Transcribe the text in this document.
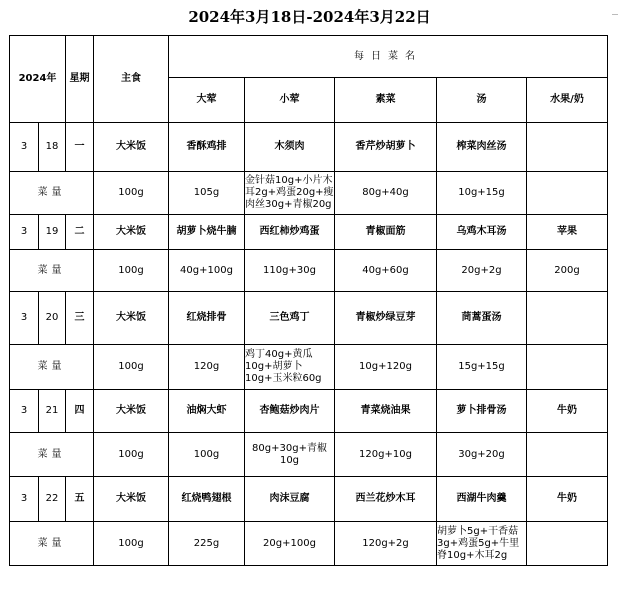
2024年3月18日-2024年3月22日
2024年		星期	主食	每日菜名				
				大荤	小荤	素菜	汤	水果/奶
3	18	一	大米饭	香酥鸡排	木须肉	香芹炒胡萝卜	榨菜肉丝汤	
菜量			100g	105g	金针菇10g+小片木耳2g+鸡蛋20g+瘦肉丝30g+青椒20g	80g+40g	10g+15g	
3	19	二	大米饭	胡萝卜烧牛腩	西红柿炒鸡蛋	青椒面筋	乌鸡木耳汤	苹果
菜量			100g	40g+100g	110g+30g	40g+60g	20g+2g	200g
3	20	三	大米饭	红烧排骨	三色鸡丁	青椒炒绿豆芽	茼蒿蛋汤	
菜量			100g	120g	鸡丁40g+黄瓜10g+胡萝卜10g+玉米粒60g	10g+120g	15g+15g	
3	21	四	大米饭	油焖大虾	杏鲍菇炒肉片	青菜烧油果	萝卜排骨汤	牛奶
菜量			100g	100g	80g+30g+青椒10g	120g+10g	30g+20g	
3	22	五	大米饭	红烧鸭翅根	肉沫豆腐	西兰花炒木耳	西湖牛肉羹	牛奶
菜量			100g	225g	20g+100g	120g+2g	胡萝卜5g+干香菇3g+鸡蛋5g+牛里脊10g+木耳2g	
